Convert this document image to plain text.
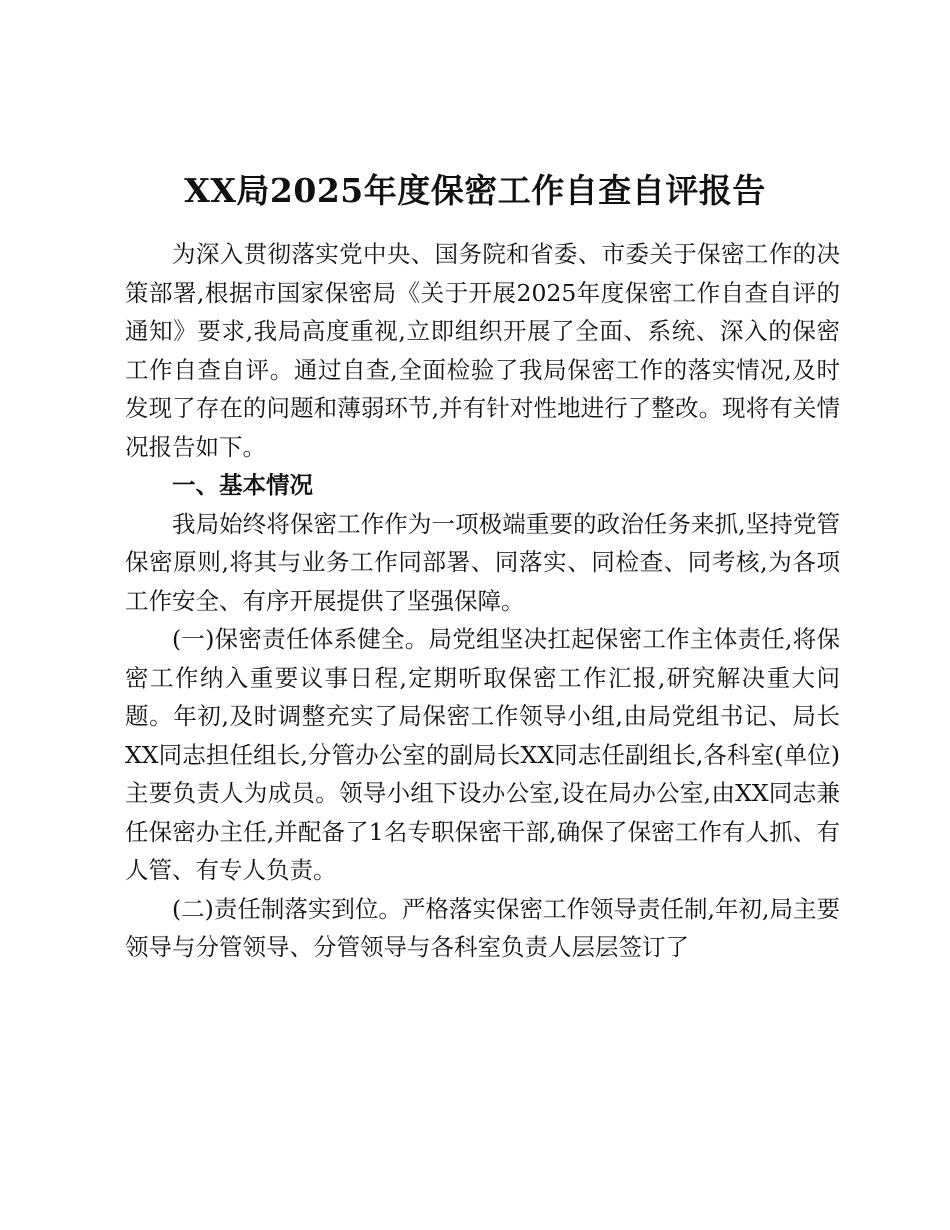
XX局2025年度保密工作自查自评报告

为深入贯彻落实党中央、国务院和省委、市委关于保密工作的决策部署,根据市国家保密局《关于开展2025年度保密工作自查自评的通知》要求,我局高度重视,立即组织开展了全面、系统、深入的保密工作自查自评。通过自查,全面检验了我局保密工作的落实情况,及时发现了存在的问题和薄弱环节,并有针对性地进行了整改。现将有关情况报告如下。

一、基本情况

我局始终将保密工作作为一项极端重要的政治任务来抓,坚持党管保密原则,将其与业务工作同部署、同落实、同检查、同考核,为各项工作安全、有序开展提供了坚强保障。

(一)保密责任体系健全。局党组坚决扛起保密工作主体责任,将保密工作纳入重要议事日程,定期听取保密工作汇报,研究解决重大问题。年初,及时调整充实了局保密工作领导小组,由局党组书记、局长XX同志担任组长,分管办公室的副局长XX同志任副组长,各科室(单位)主要负责人为成员。领导小组下设办公室,设在局办公室,由XX同志兼任保密办主任,并配备了1名专职保密干部,确保了保密工作有人抓、有人管、有专人负责。

(二)责任制落实到位。严格落实保密工作领导责任制,年初,局主要领导与分管领导、分管领导与各科室负责人层层签订了
